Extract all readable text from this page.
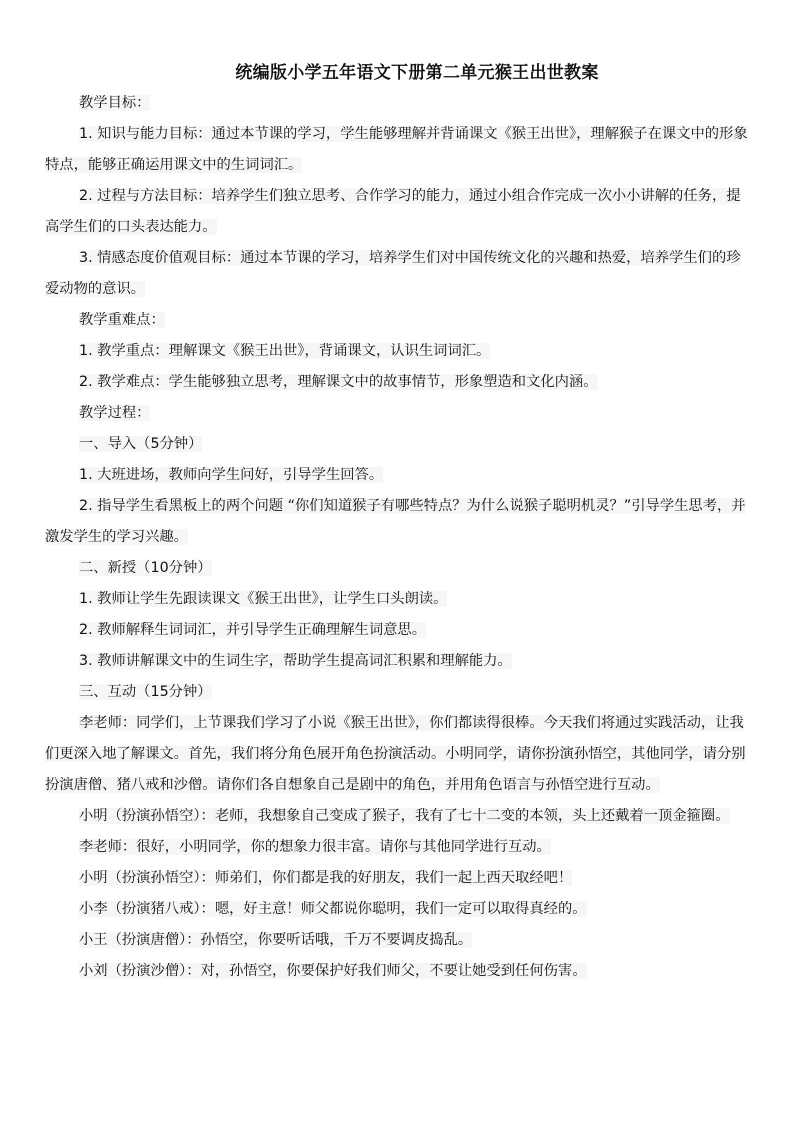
统编版小学五年语文下册第二单元猴王出世教案

教学目标：

1. 知识与能力目标：通过本节课的学习，学生能够理解并背诵课文《猴王出世》，理解猴子在课文中的形象特点，能够正确运用课文中的生词词汇。

2. 过程与方法目标：培养学生们独立思考、合作学习的能力，通过小组合作完成一次小小讲解的任务，提高学生们的口头表达能力。

3. 情感态度价值观目标：通过本节课的学习，培养学生们对中国传统文化的兴趣和热爱，培养学生们的珍爱动物的意识。

教学重难点：

1. 教学重点：理解课文《猴王出世》，背诵课文，认识生词词汇。

2. 教学难点：学生能够独立思考，理解课文中的故事情节，形象塑造和文化内涵。

教学过程：

一、导入（5分钟）

1. 大班进场，教师向学生问好，引导学生回答。

2. 指导学生看黑板上的两个问题 “你们知道猴子有哪些特点？为什么说猴子聪明机灵？”引导学生思考，并激发学生的学习兴趣。

二、新授（10分钟）

1. 教师让学生先跟读课文《猴王出世》，让学生口头朗读。

2. 教师解释生词词汇，并引导学生正确理解生词意思。

3. 教师讲解课文中的生词生字，帮助学生提高词汇积累和理解能力。

三、互动（15分钟）

李老师：同学们，上节课我们学习了小说《猴王出世》，你们都读得很棒。今天我们将通过实践活动，让我们更深入地了解课文。首先，我们将分角色展开角色扮演活动。小明同学，请你扮演孙悟空，其他同学，请分别扮演唐僧、猪八戒和沙僧。请你们各自想象自己是剧中的角色，并用角色语言与孙悟空进行互动。

小明（扮演孙悟空）：老师，我想象自己变成了猴子，我有了七十二变的本领，头上还戴着一顶金箍圈。

李老师：很好，小明同学，你的想象力很丰富。请你与其他同学进行互动。

小明（扮演孙悟空）：师弟们，你们都是我的好朋友，我们一起上西天取经吧！

小李（扮演猪八戒）：嗯，好主意！师父都说你聪明，我们一定可以取得真经的。

小王（扮演唐僧）：孙悟空，你要听话哦，千万不要调皮捣乱。

小刘（扮演沙僧）：对，孙悟空，你要保护好我们师父，不要让她受到任何伤害。
